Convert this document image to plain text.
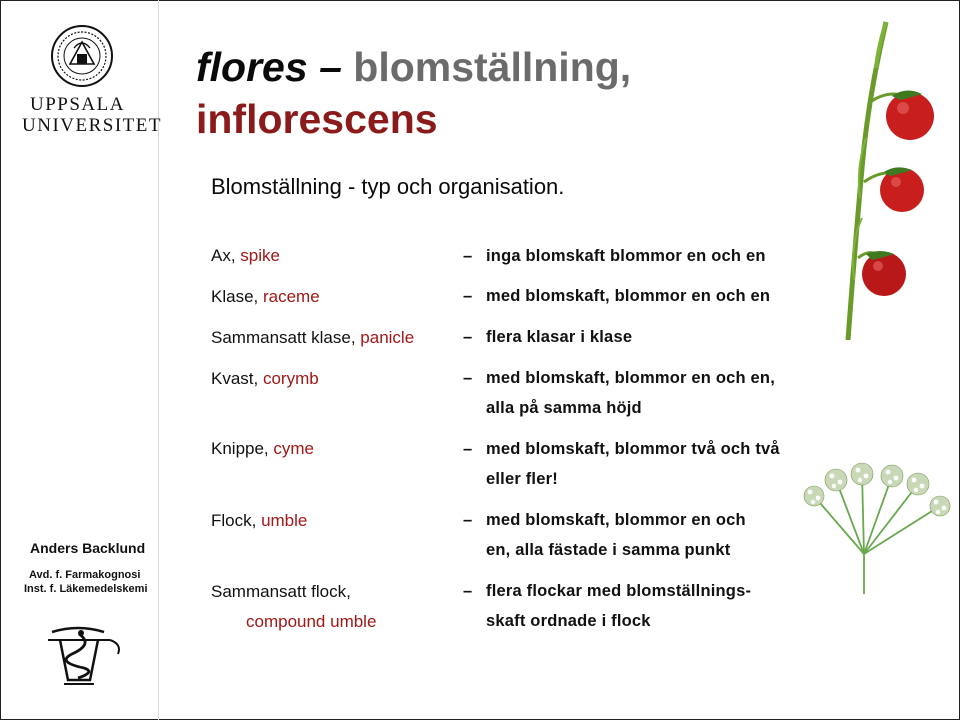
UPPSALA
UNIVERSITET
Anders Backlund
Avd. f. Farmakognosi
Inst. f. Läkemedelskemi
flores – blomställning,
inflorescens
Blomställning - typ och organisation.
Ax, spike
Klase, raceme
Sammansatt klase, panicle
Kvast, corymb
Knippe, cyme
Flock, umble
Sammansatt flock,
compound umble
– inga blomskaft blommor en och en
– med blomskaft, blommor en och en
– flera klasar i klase
– med blomskaft, blommor en och en,
alla på samma höjd
– med blomskaft, blommor två och två
eller fler!
– med blomskaft, blommor en och
en, alla fästade i samma punkt
– flera flockar med blomställnings-
skaft ordnade i flock
